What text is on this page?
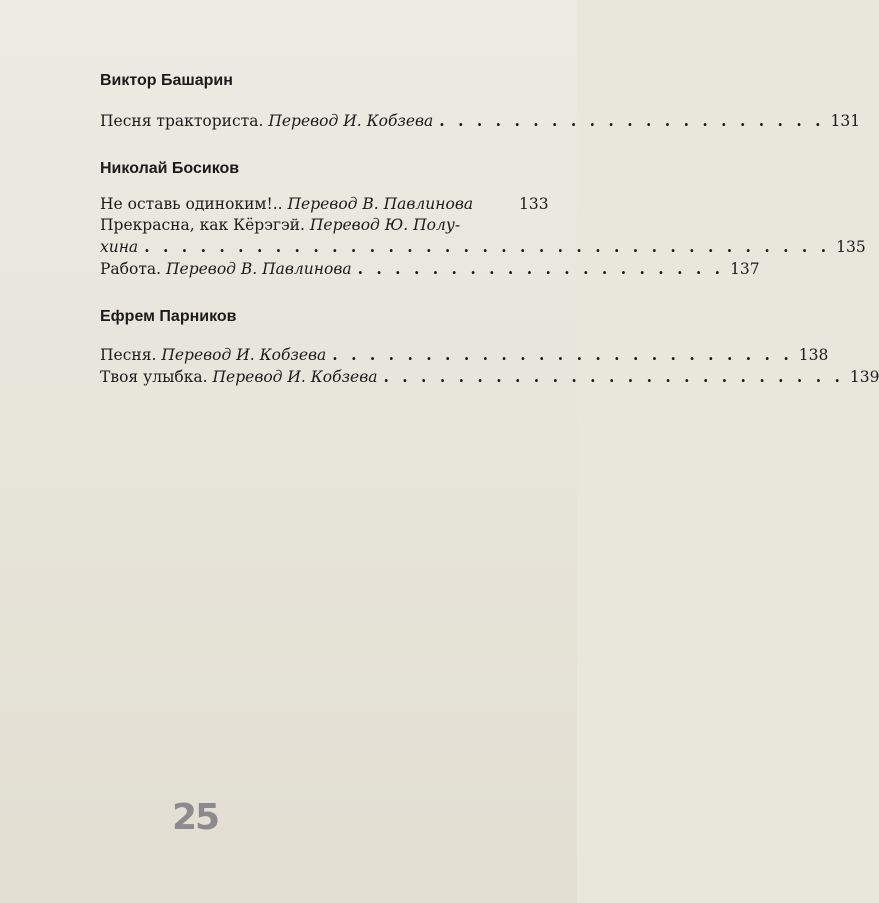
Виктор Башарин
Песня тракториста.
Перевод И. Кобзева . . . . . . . . . . . . . . . . . . . . . 131
Николай Босиков
Не оставь одиноким!..
Перевод В. Павлинова	133
Прекрасна, как Кёрэгэй.
Перевод Ю. Полу-
хина . . . . . . . . . . . . . . . . . . . . . . . . . . . . . . . . . . . . . 135
Работа.
Перевод В. Павлинова . . . . . . . . . . . . . . . . . . . . 137
Ефрем Парников
Песня.
Перевод И. Кобзева . . . . . . . . . . . . . . . . . . . . . . . . . 138
Твоя улыбка.
Перевод И. Кобзева . . . . . . . . . . . . . . . . . . . . . . . . . 139
25
